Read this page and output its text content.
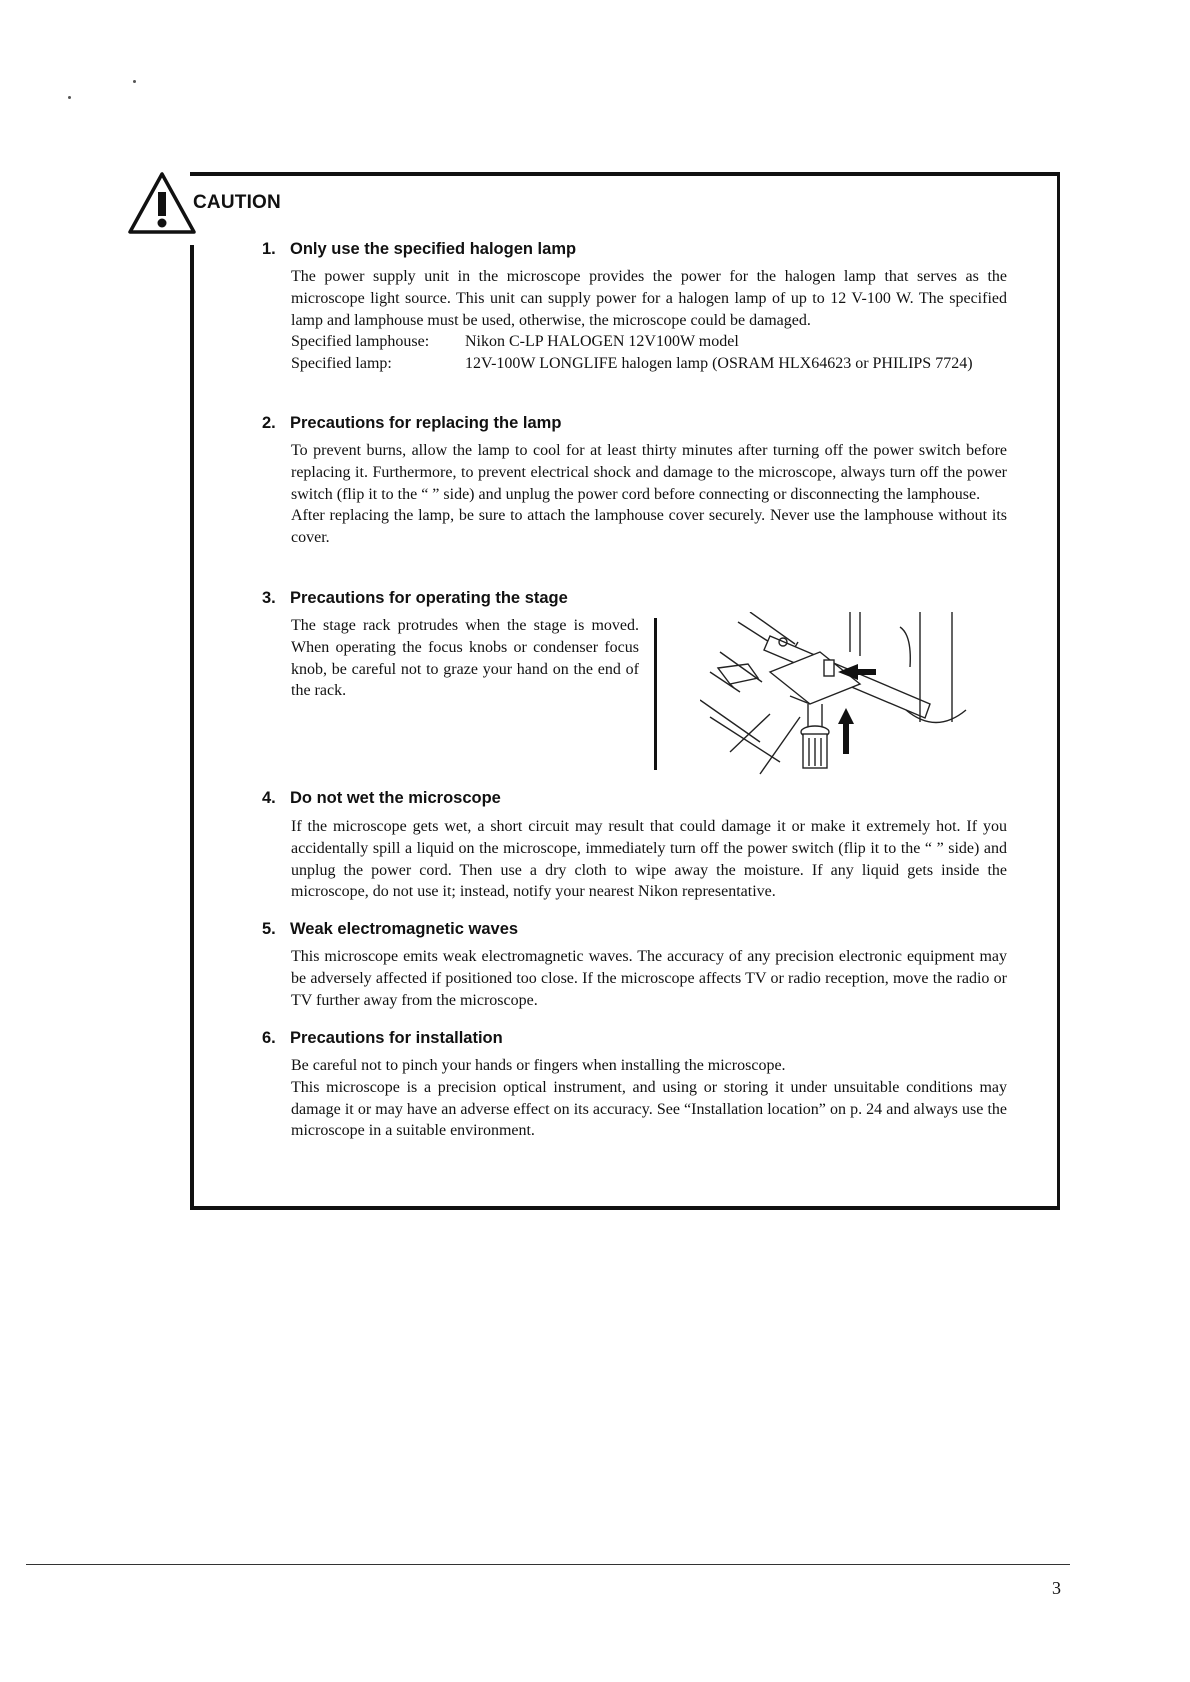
CAUTION
1. Only use the specified halogen lamp

The power supply unit in the microscope provides the power for the halogen lamp that serves as the microscope light source. This unit can supply power for a halogen lamp of up to 12 V-100 W. The specified lamp and lamphouse must be used, otherwise, the microscope could be damaged.

Specified lamphouse: Nikon C-LP HALOGEN 12V100W model
Specified lamp:	12V-100W LONGLIFE halogen lamp (OSRAM HLX64623 or PHILIPS 7724)
2. Precautions for replacing the lamp

To prevent burns, allow the lamp to cool for at least thirty minutes after turning off the power switch before replacing it. Furthermore, to prevent electrical shock and damage to the microscope, always turn off the power switch (flip it to the “ ” side) and unplug the power cord before connecting or disconnecting the lamphouse.

After replacing the lamp, be sure to attach the lamphouse cover securely. Never use the lamphouse without its cover.

3. Precautions for operating the stage

The stage rack protrudes when the stage is moved. When operating the focus knobs or condenser focus knob, be careful not to graze your hand on the end of the rack.

4. Do not wet the microscope

If the microscope gets wet, a short circuit may result that could damage it or make it extremely hot. If you accidentally spill a liquid on the microscope, immediately turn off the power switch (flip it to the “ ” side) and unplug the power cord. Then use a dry cloth to wipe away the moisture. If any liquid gets inside the microscope, do not use it; instead, notify your nearest Nikon representative.

5. Weak electromagnetic waves

This microscope emits weak electromagnetic waves. The accuracy of any precision electronic equipment may be adversely affected if positioned too close. If the microscope affects TV or radio reception, move the radio or TV further away from the microscope.

6. Precautions for installation

Be careful not to pinch your hands or fingers when installing the microscope.

This microscope is a precision optical instrument, and using or storing it under unsuitable conditions may damage it or may have an adverse effect on its accuracy. See “Installation location” on p. 24 and always use the microscope in a suitable environment.

3
